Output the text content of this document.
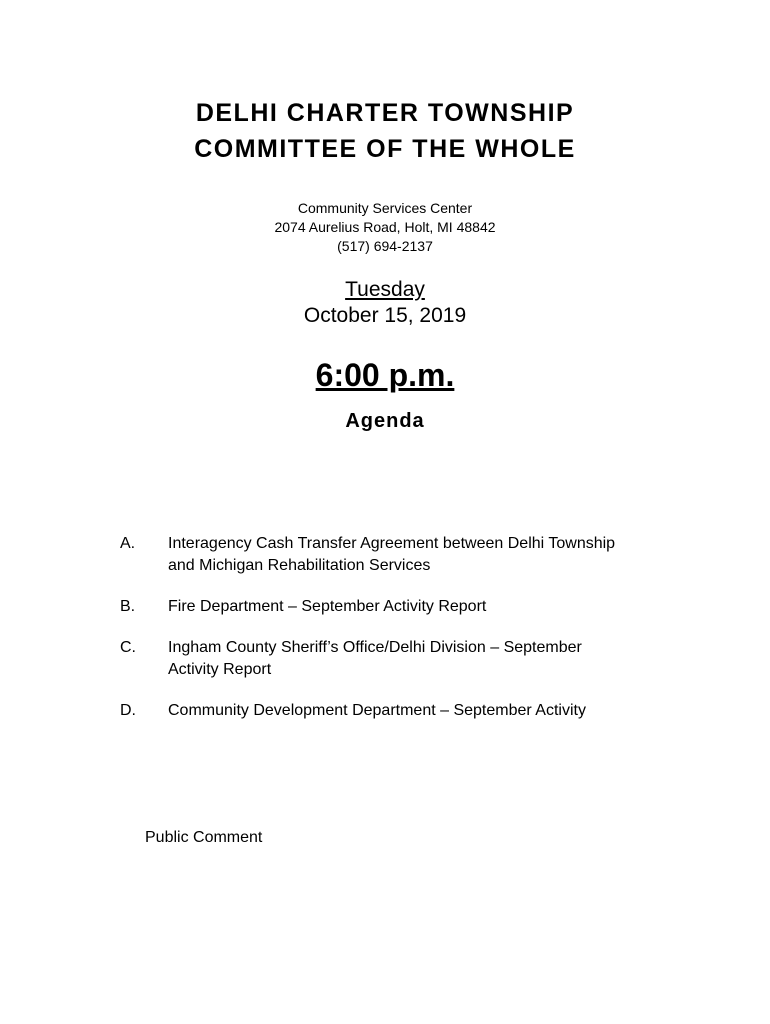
DELHI CHARTER TOWNSHIP
COMMITTEE OF THE WHOLE
Community Services Center
2074 Aurelius Road, Holt, MI 48842
(517) 694-2137
Tuesday
October 15, 2019
6:00 p.m.
Agenda
A.	Interagency Cash Transfer Agreement between Delhi Township
and Michigan Rehabilitation Services
B.	Fire Department – September Activity Report
C.	Ingham County Sheriff’s Office/Delhi Division – September
Activity Report
D.	Community Development Department – September Activity
Public Comment
